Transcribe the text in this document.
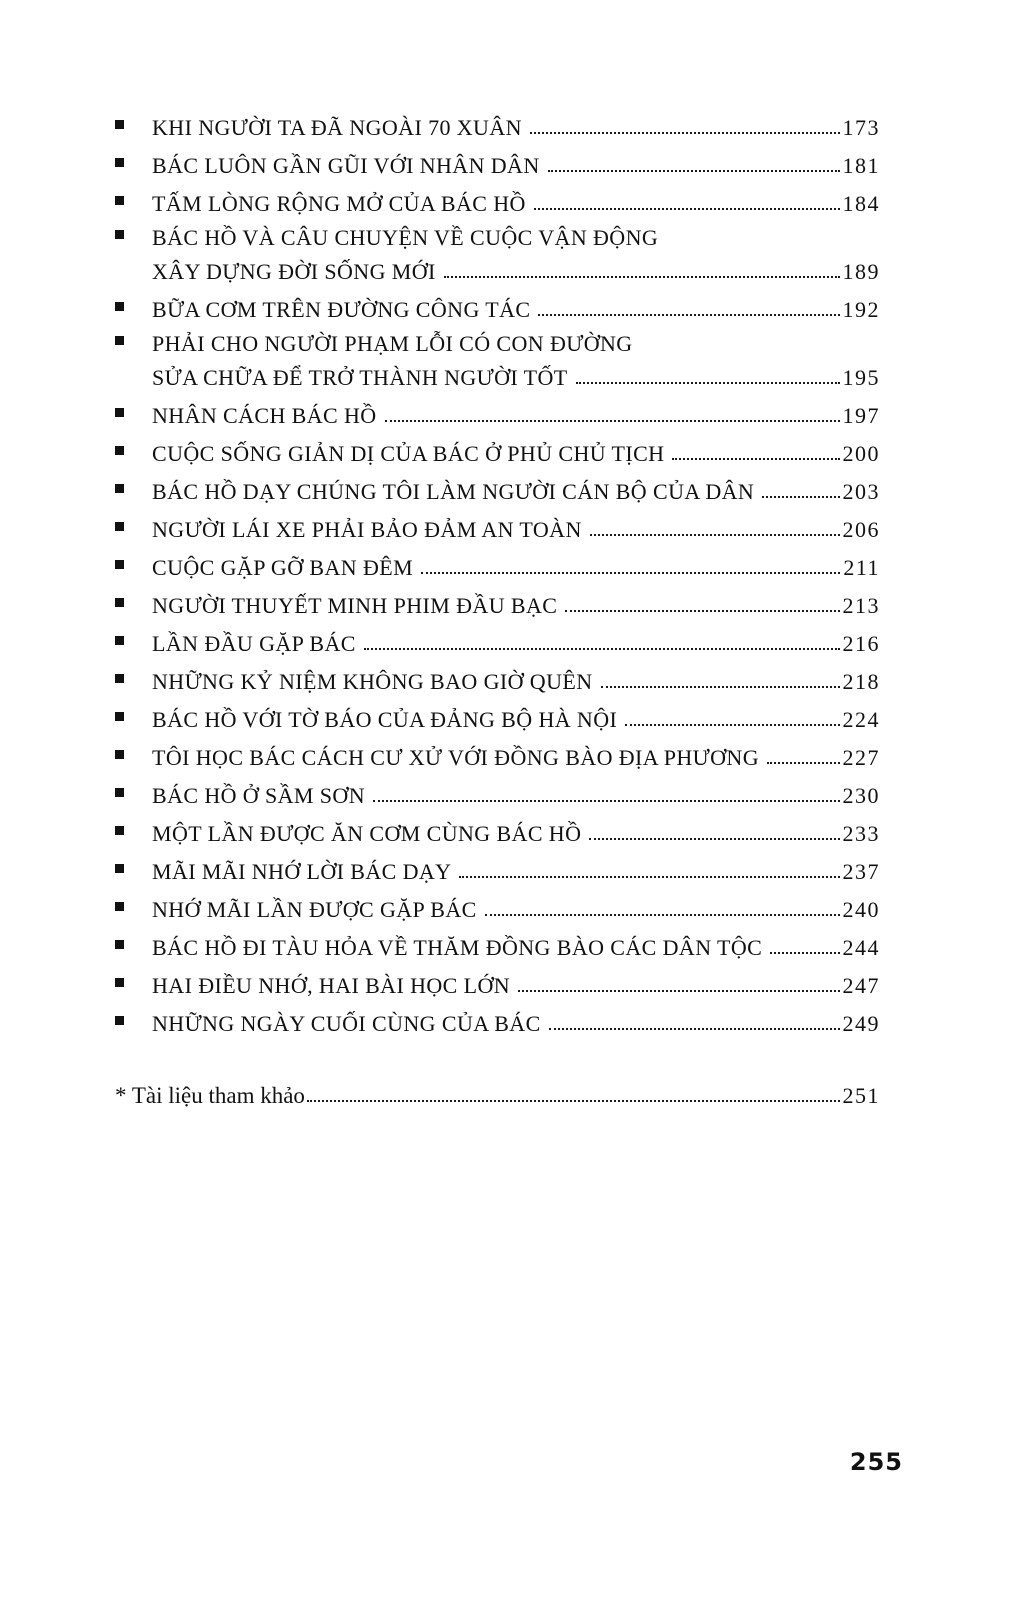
KHI NGƯỜI TA ĐÃ NGOÀI 70 XUÂN	173
BÁC LUÔN GẦN GŨI VỚI NHÂN DÂN	181
TẤM LÒNG RỘNG MỞ CỦA BÁC HỒ	184
BÁC HỒ VÀ CÂU CHUYỆN VỀ CUỘC VẬN ĐỘNG
XÂY DỰNG ĐỜI SỐNG MỚI	189
BỮA CƠM TRÊN ĐƯỜNG CÔNG TÁC	192
PHẢI CHO NGƯỜI PHẠM LỖI CÓ CON ĐƯỜNG
SỬA CHỮA ĐỂ TRỞ THÀNH NGƯỜI TỐT	195
NHÂN CÁCH BÁC HỒ	197
CUỘC SỐNG GIẢN DỊ CỦA BÁC Ở PHỦ CHỦ TỊCH	200
BÁC HỒ DẠY CHÚNG TÔI LÀM NGƯỜI CÁN BỘ CỦA DÂN	203
NGƯỜI LÁI XE PHẢI BẢO ĐẢM AN TOÀN	206
CUỘC GẶP GỠ BAN ĐÊM	211
NGƯỜI THUYẾT MINH PHIM ĐẦU BẠC	213
LẦN ĐẦU GẶP BÁC	216
NHỮNG KỶ NIỆM KHÔNG BAO GIỜ QUÊN	218
BÁC HỒ VỚI TỜ BÁO CỦA ĐẢNG BỘ HÀ NỘI	224
TÔI HỌC BÁC CÁCH CƯ XỬ VỚI ĐỒNG BÀO ĐỊA PHƯƠNG	227
BÁC HỒ Ở SẦM SƠN	230
MỘT LẦN ĐƯỢC ĂN CƠM CÙNG BÁC HỒ	233
MÃI MÃI NHỚ LỜI BÁC DẠY	237
NHỚ MÃI LẦN ĐƯỢC GẶP BÁC	240
BÁC HỒ ĐI TÀU HỎA VỀ THĂM ĐỒNG BÀO CÁC DÂN TỘC	244
HAI ĐIỀU NHỚ, HAI BÀI HỌC LỚN	247
NHỮNG NGÀY CUỐI CÙNG CỦA BÁC	249
* Tài liệu tham khảo	251
255
